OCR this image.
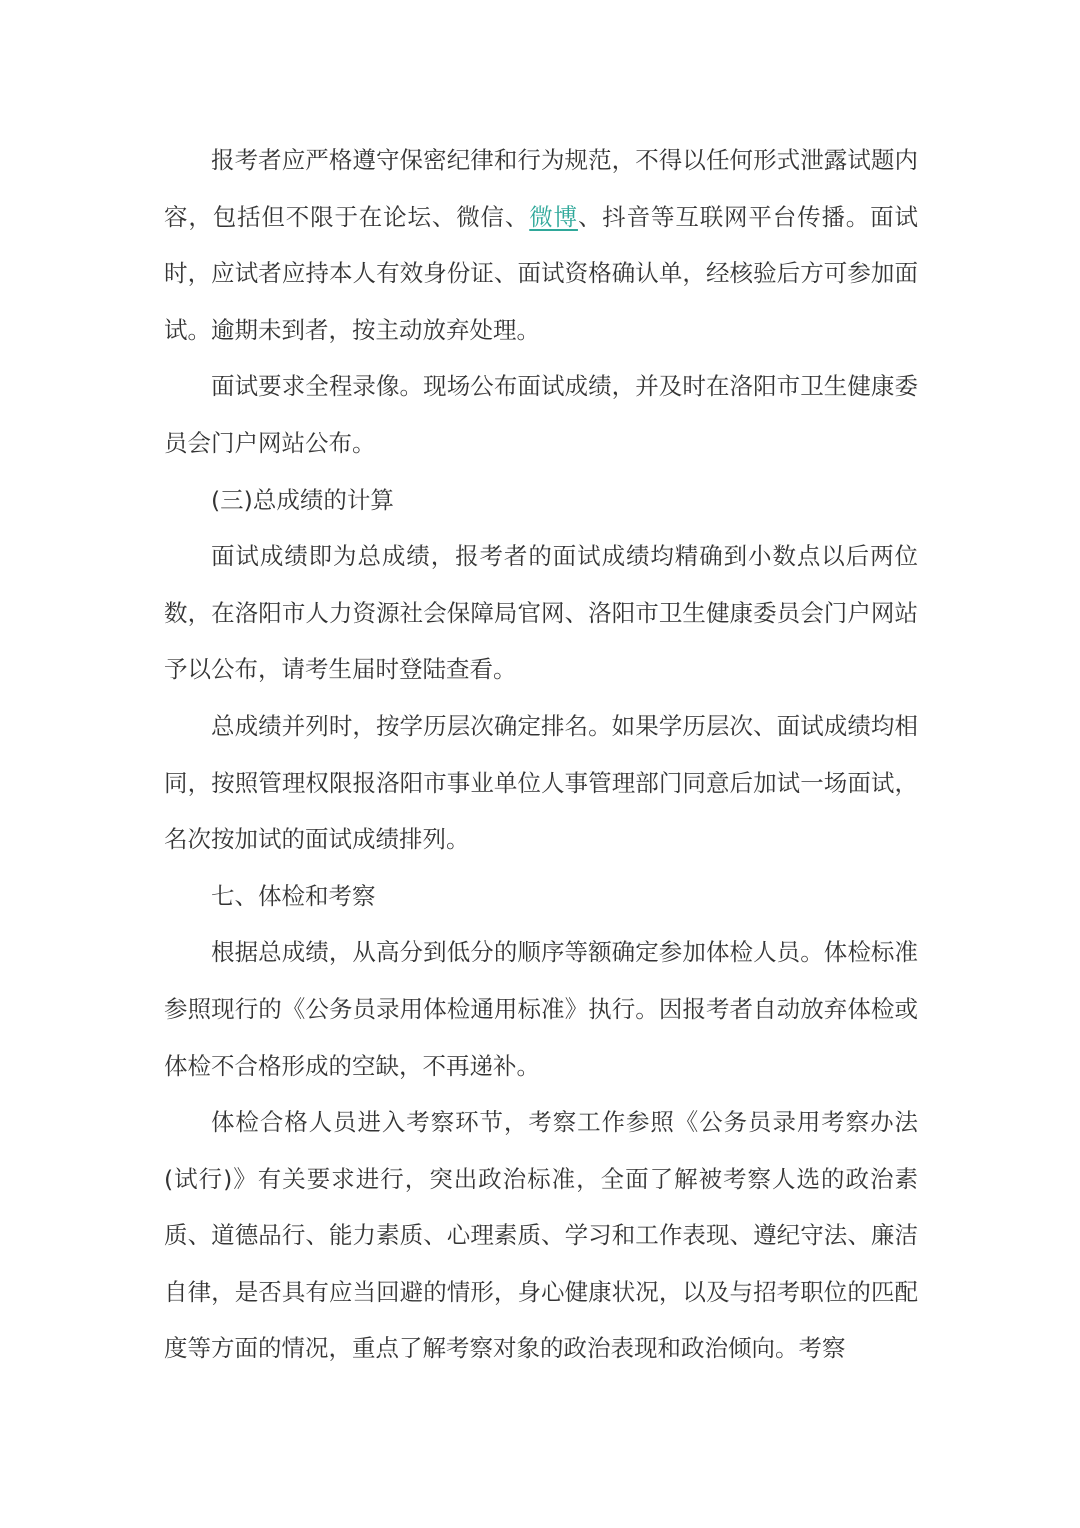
报考者应严格遵守保密纪律和行为规范，不得以任何形式泄露试题内容，包括但不限于在论坛、微信、微博、抖音等互联网平台传播。面试时，应试者应持本人有效身份证、面试资格确认单，经核验后方可参加面试。逾期未到者，按主动放弃处理。

面试要求全程录像。现场公布面试成绩，并及时在洛阳市卫生健康委员会门户网站公布。

(三)总成绩的计算

面试成绩即为总成绩，报考者的面试成绩均精确到小数点以后两位数，在洛阳市人力资源社会保障局官网、洛阳市卫生健康委员会门户网站予以公布，请考生届时登陆查看。

总成绩并列时，按学历层次确定排名。如果学历层次、面试成绩均相同，按照管理权限报洛阳市事业单位人事管理部门同意后加试一场面试，名次按加试的面试成绩排列。

七、体检和考察

根据总成绩，从高分到低分的顺序等额确定参加体检人员。体检标准参照现行的《公务员录用体检通用标准》执行。因报考者自动放弃体检或体检不合格形成的空缺，不再递补。

体检合格人员进入考察环节，考察工作参照《公务员录用考察办法(试行)》有关要求进行，突出政治标准，全面了解被考察人选的政治素质、道德品行、能力素质、心理素质、学习和工作表现、遵纪守法、廉洁自律，是否具有应当回避的情形，身心健康状况，以及与招考职位的匹配度等方面的情况，重点了解考察对象的政治表现和政治倾向。考察
